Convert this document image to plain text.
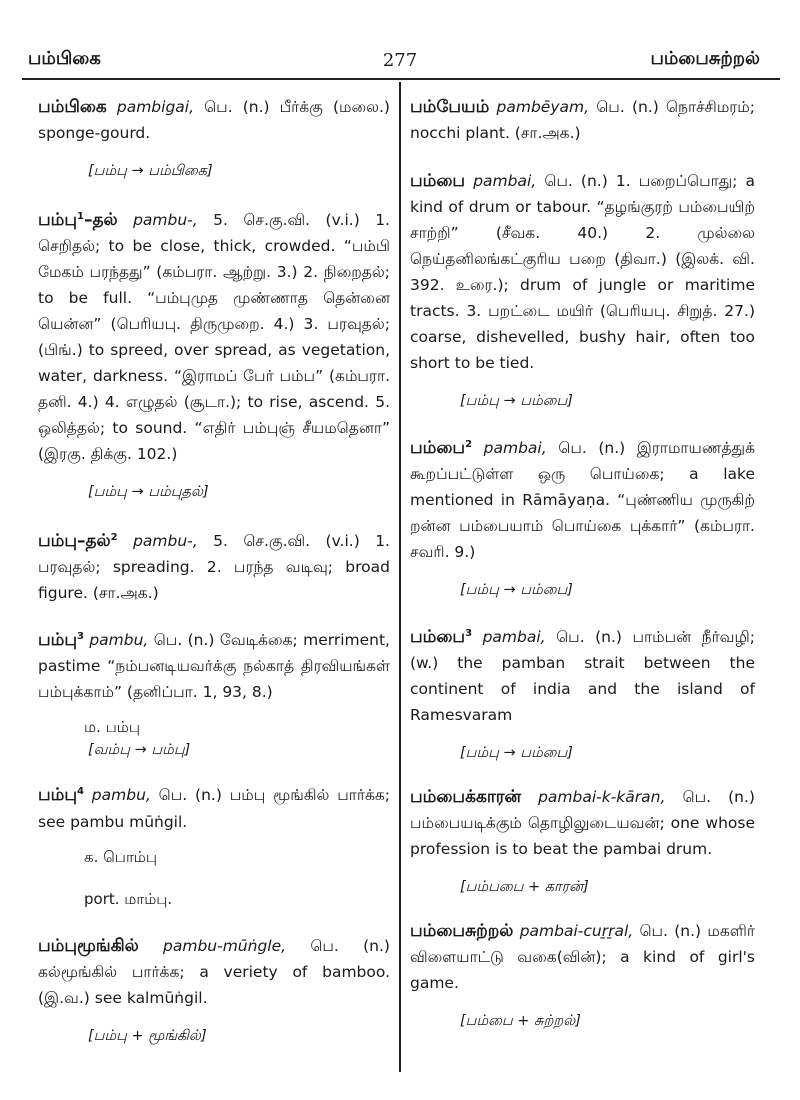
பம்பிகை	277	பம்பைசுற்றல்

பம்பிகை pambigai, பெ. (n.) பீர்க்கு (மலை.) sponge-gourd.

[பம்பு → பம்பிகை]

பம்பு$^1$–தல் pambu-, 5. செ.கு.வி. (v.i.) 1. செறிதல்; to be close, thick, crowded. “பம்பி மேகம் பரந்தது” (கம்பரா. ஆற்று. 3.) 2. நிறைதல்; to be full. “பம்புமுத முண்ணாத தென்னை யென்ன” (பெரியபு. திருமுறை. 4.) 3. பரவுதல்; (பிங்.) to spreed, over spread, as vegetation, water, darkness. “இராமப் பேர் பம்ப” (கம்பரா. தனி. 4.) 4. எழுதல் (சூடா.); to rise, ascend. 5. ஒலித்தல்; to sound. “எதிர் பம்புஞ் சீயமதெனா” (இரகு. திக்கு. 102.)

[பம்பு → பம்புதல்]

பம்பு–தல்$^2$ pambu-, 5. செ.கு.வி. (v.i.) 1. பரவுதல்; spreading. 2. பரந்த வடிவு; broad figure. (சா.அக.)

பம்பு$^3$ pambu, பெ. (n.) வேடிக்கை; merriment, pastime “நம்பனடியவர்க்கு நல்காத் திரவியங்கள் பம்புக்காம்” (தனிப்பா. 1, 93, 8.)

ம. பம்பு
[வம்பு → பம்பு]

பம்பு$^4$ pambu, பெ. (n.) பம்பு மூங்கில் பார்க்க; see pambu mūṅgil.

க. பொம்பு
port. மாம்பு.

பம்புமூங்கில் pambu-mūṅgle, பெ. (n.) கல்மூங்கில் பார்க்க; a veriety of bamboo. (இ.வ.) see kalmūṅgil.

[பம்பு + மூங்கில்]

பம்பேயம் pambēyam, பெ. (n.) நொச்சிமரம்; nocchi plant. (சா.அக.)

பம்பை pambai, பெ. (n.) 1. பறைப்பொது; a kind of drum or tabour. “தழங்குரற் பம்பையிற் சாற்றி” (சீவக. 40.) 2. முல்லை நெய்தனிலங்கட்குரிய பறை (திவா.) (இலக். வி. 392. உரை.); drum of jungle or maritime tracts. 3. பறட்டை மயிர் (பெரியபு. சிறுத். 27.) coarse, dishevelled, bushy hair, often too short to be tied.

[பம்பு → பம்பை]

பம்பை$^2$ pambai, பெ. (n.) இராமாயணத்துக் கூறப்பட்டுள்ள ஒரு பொய்கை; a lake mentioned in Rāmāyaṇa. “புண்ணிய முருகிற் றன்ன பம்பையாம் பொய்கை புக்கார்” (கம்பரா. சவரி. 9.)

[பம்பு → பம்பை]

பம்பை$^3$ pambai, பெ. (n.) பாம்பன் நீர்வழி; (w.) the pamban strait between the continent of india and the island of Ramesvaram

[பம்பு → பம்பை]

பம்பைக்காரன் pambai-k-kāran, பெ. (n.) பம்பையடிக்கும் தொழிலுடையவன்; one whose profession is to beat the pambai drum.

[பம்பபை + காரன்]

பம்பைசுற்றல் pambai-cuṟṟal, பெ. (n.) மகளிர் விளையாட்டு வகை(வின்); a kind of girl's game.

[பம்பை + சுற்றல்]
